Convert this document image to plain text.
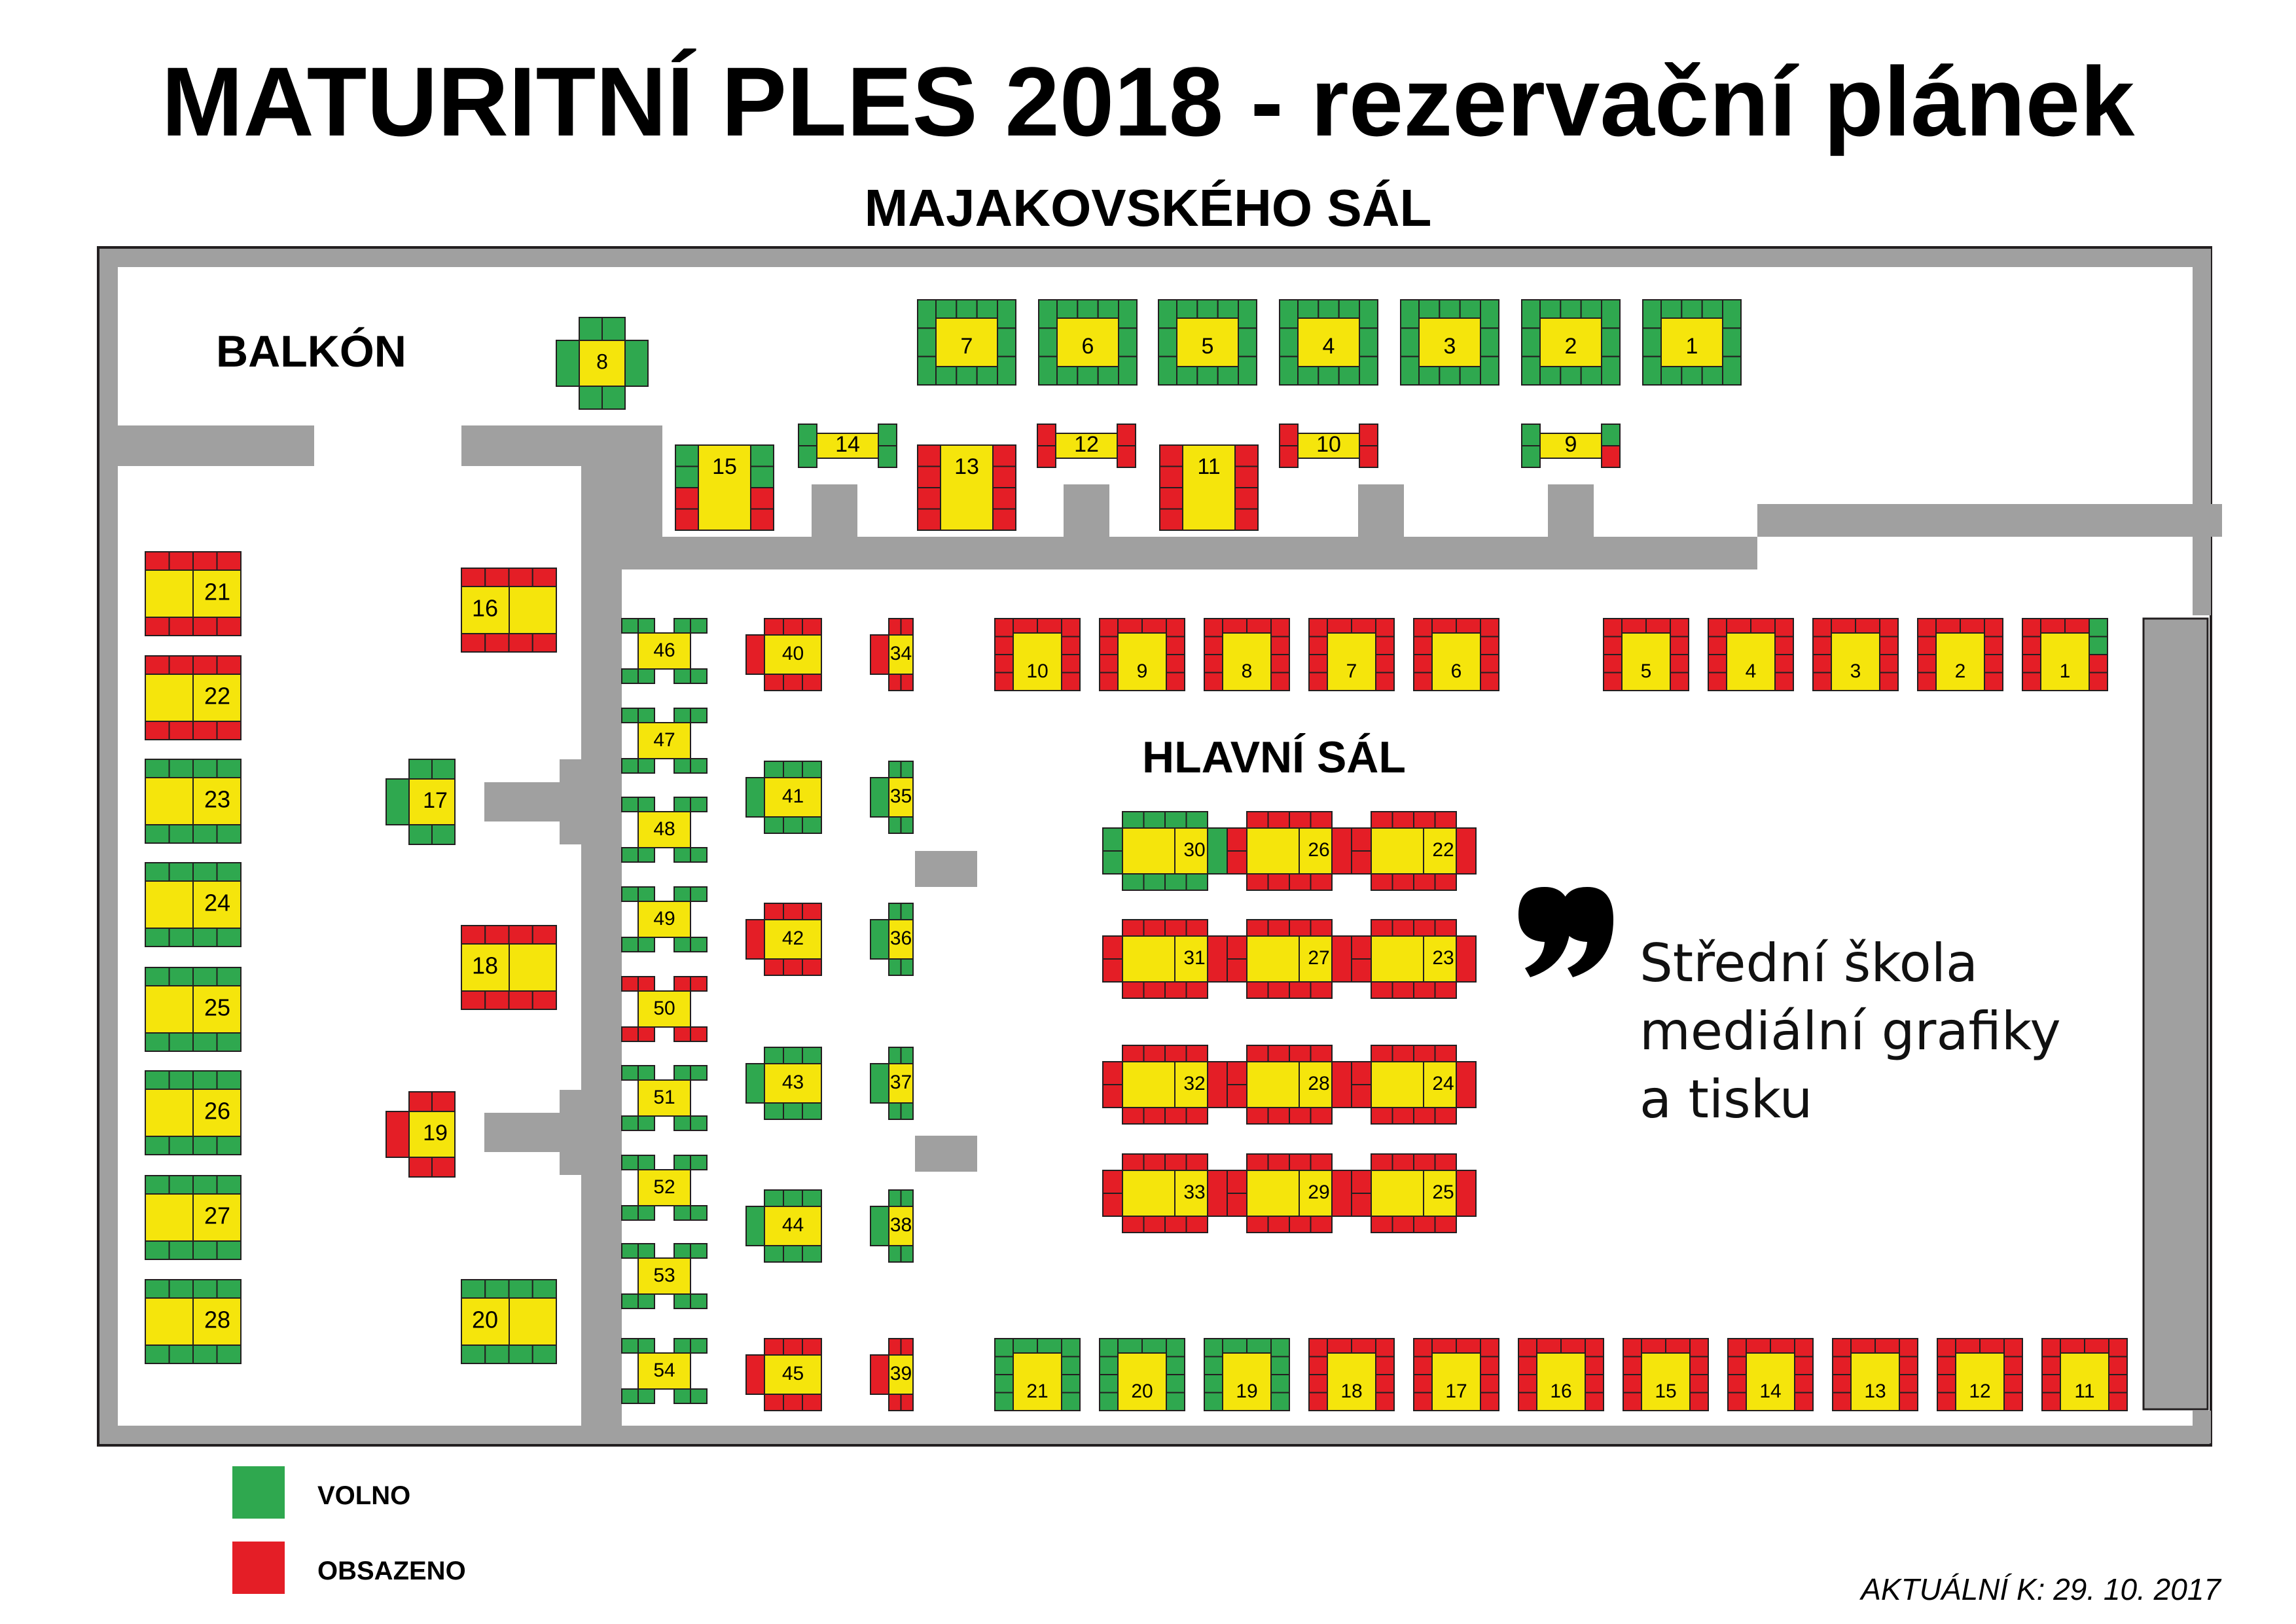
MATURITNÍ PLES 2018 - rezervační plánek
MAJAKOVSKÉHO SÁL
1
2
3
4
5
6
7
8
14	12	10	9
15	13	11
21
22
23
24
25
26
27
28
16
18
20
17
19
1
2
3
4
5
6
7
8
9
10
11
12
13
14
15
16
17
18
19
20
21
30	26	22
31	27	23
32	28	24
33	29	25
40
41
42
43
44
45
34
35
36
37
38
39
46
47
48
49
50
51
52
53
54
BALKÓN
HLAVNÍ SÁL
PÓDIUM
Střední škola
mediální grafiky
a tisku
VOLNO
OBSAZENO
AKTUÁLNÍ K: 29. 10. 2017
